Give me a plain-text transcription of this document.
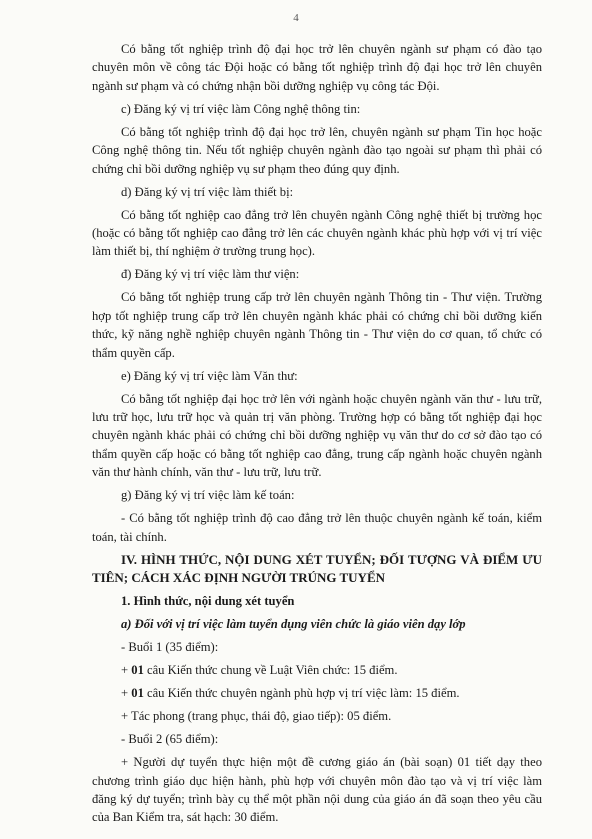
4

Có bằng tốt nghiệp trình độ đại học trở lên chuyên ngành sư phạm có đào tạo chuyên môn về công tác Đội hoặc có bằng tốt nghiệp trình độ đại học trở lên chuyên ngành sư phạm và có chứng nhận bồi dưỡng nghiệp vụ công tác Đội.

c) Đăng ký vị trí việc làm Công nghệ thông tin:

Có bằng tốt nghiệp trình độ đại học trở lên, chuyên ngành sư phạm Tin học hoặc Công nghệ thông tin. Nếu tốt nghiệp chuyên ngành đào tạo ngoài sư phạm thì phải có chứng chỉ bồi dưỡng nghiệp vụ sư phạm theo đúng quy định.

d) Đăng ký vị trí việc làm thiết bị:

Có bằng tốt nghiệp cao đẳng trở lên chuyên ngành Công nghệ thiết bị trường học (hoặc có bằng tốt nghiệp cao đẳng trở lên các chuyên ngành khác phù hợp với vị trí việc làm thiết bị, thí nghiệm ở trường trung học).

đ) Đăng ký vị trí việc làm thư viện:

Có bằng tốt nghiệp trung cấp trở lên chuyên ngành Thông tin - Thư viện. Trường hợp tốt nghiệp trung cấp trở lên chuyên ngành khác phải có chứng chỉ bồi dưỡng kiến thức, kỹ năng nghề nghiệp chuyên ngành Thông tin - Thư viện do cơ quan, tổ chức có thẩm quyền cấp.

e) Đăng ký vị trí việc làm Văn thư:

Có bằng tốt nghiệp đại học trở lên với ngành hoặc chuyên ngành văn thư - lưu trữ, lưu trữ học, lưu trữ học và quản trị văn phòng. Trường hợp có bằng tốt nghiệp đại học chuyên ngành khác phải có chứng chỉ bồi dưỡng nghiệp vụ văn thư do cơ sở đào tạo có thẩm quyền cấp hoặc có bằng tốt nghiệp cao đẳng, trung cấp ngành hoặc chuyên ngành văn thư hành chính, văn thư - lưu trữ, lưu trữ.

g) Đăng ký vị trí việc làm kế toán:

- Có bằng tốt nghiệp trình độ cao đẳng trở lên thuộc chuyên ngành kế toán, kiểm toán, tài chính.

IV. HÌNH THỨC, NỘI DUNG XÉT TUYỂN; ĐỐI TƯỢNG VÀ ĐIỂM ƯU TIÊN; CÁCH XÁC ĐỊNH NGƯỜI TRÚNG TUYỂN

1. Hình thức, nội dung xét tuyển

a) Đối với vị trí việc làm tuyển dụng viên chức là giáo viên dạy lớp

- Buổi 1 (35 điểm):

+ 01 câu Kiến thức chung về Luật Viên chức: 15 điểm.

+ 01 câu Kiến thức chuyên ngành phù hợp vị trí việc làm: 15 điểm.

+ Tác phong (trang phục, thái độ, giao tiếp): 05 điểm.

- Buổi 2 (65 điểm):

+ Người dự tuyển thực hiện một đề cương giáo án (bài soạn) 01 tiết dạy theo chương trình giáo dục hiện hành, phù hợp với chuyên môn đào tạo và vị trí việc làm đăng ký dự tuyển; trình bày cụ thể một phần nội dung của giáo án đã soạn theo yêu cầu của Ban Kiểm tra, sát hạch: 30 điểm.
